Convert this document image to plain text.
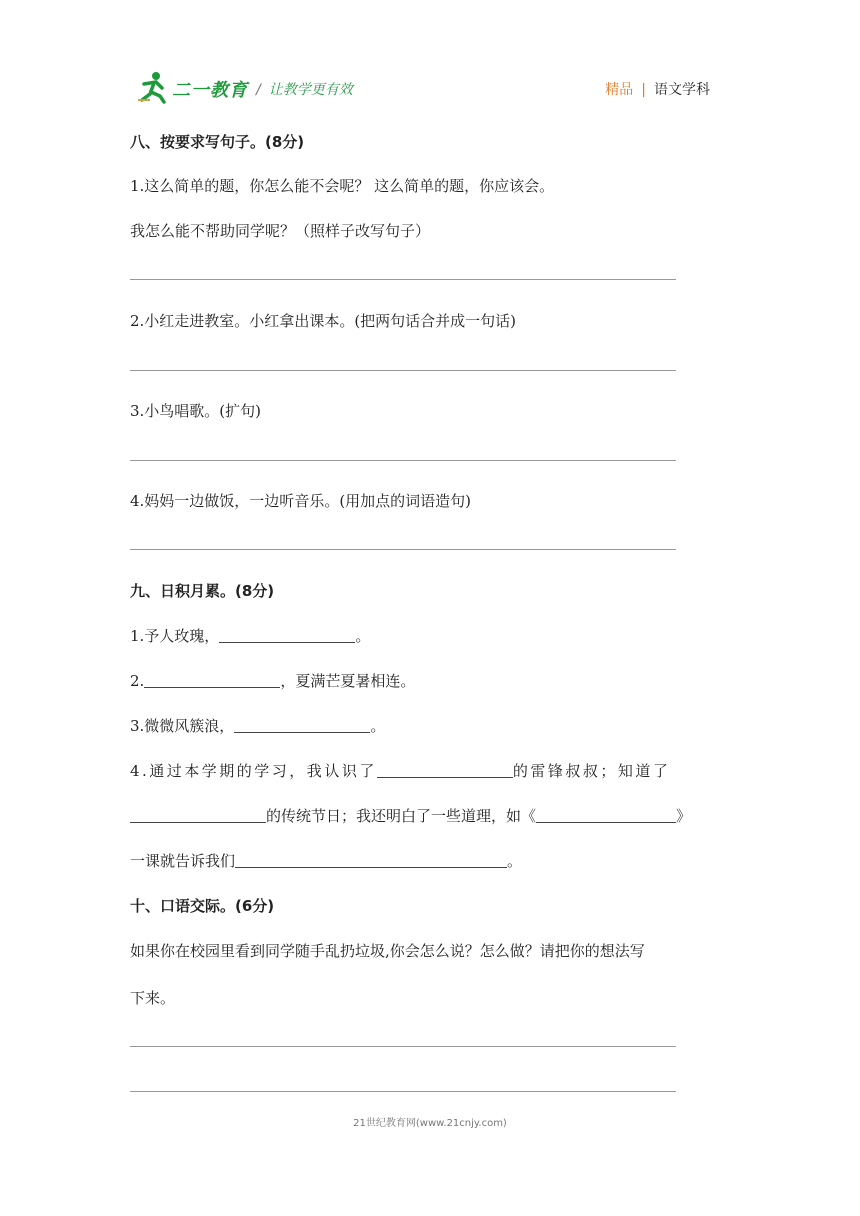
二一教育 / 让教学更有效	精品 | 语文学科
八、按要求写句子。(8分)
1.这么简单的题，你怎么能不会呢？ 这么简单的题，你应该会。
我怎么能不帮助同学呢？（照样子改写句子）
2.小红走进教室。小红拿出课本。(把两句话合并成一句话)
3.小鸟唱歌。(扩句)
4.妈妈一边做饭，一边听音乐。(用加点的词语造句)
九、日积月累。(8分)
1.予人玫瑰，	。
2.	，夏满芒夏暑相连。
3.微微风簇浪，	。
4.通过本学期的学习，我认识了	的雷锋叔叔；知道了
的传统节日；我还明白了一些道理，如《	》
一课就告诉我们	。
十、口语交际。(6分)
如果你在校园里看到同学随手乱扔垃圾,你会怎么说？怎么做？请把你的想法写
下来。
21世纪教育网(www.21cnjy.com)
